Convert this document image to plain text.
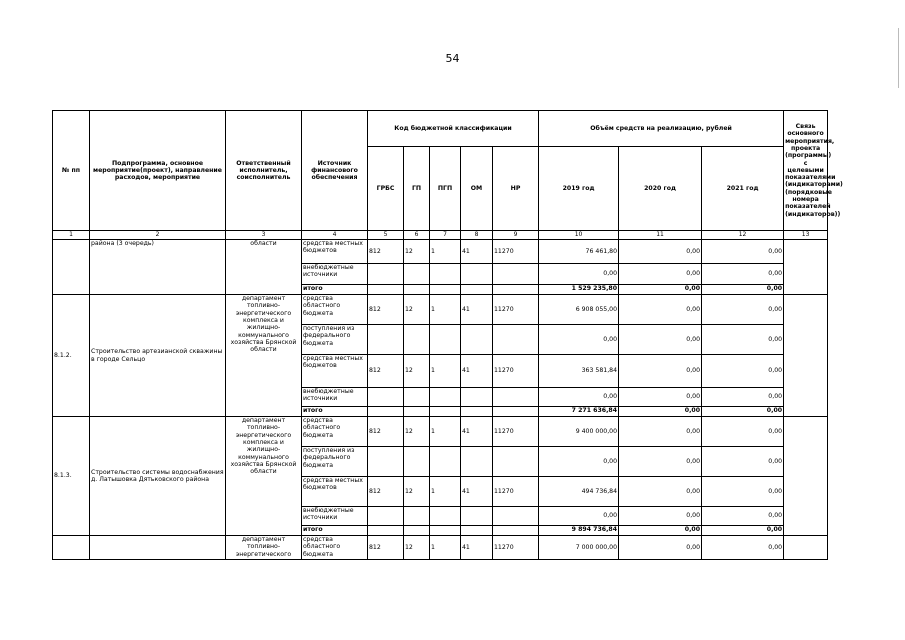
54
№ пп	Подпрограмма, основное мероприятие(проект), направление расходов, мероприятие	Ответственный исполнитель, соисполнитель	Источник финансового обеспечения	Код бюджетной классификации					Объём средств на реализацию, рублей			Связь основного мероприятия, проекта (программы) с целевыми показателями (индикаторами) (порядковые номера показателей (индикаторов))
				ГРБС	ГП	ПГП	ОМ	НР	2019 год	2020 год	2021 год	
1	2	3	4	5	6	7	8	9	10	11	12	13
	района (3 очередь)	области	средства местных бюджетов	812	12	1	41	11270	76 461,80	0,00	0,00	
			внебюджетные источники						0,00	0,00	0,00	
			итого						1 529 235,80	0,00	0,00	
8.1.2.	Строительство артезианской скважины в городе Сельцо	департамент топливно-энергетического комплекса и жилищно-коммунального хозяйства Брянской области	средства областного бюджета	812	12	1	41	11270	6 908 055,00	0,00	0,00	
			поступления из федерального бюджета						0,00	0,00	0,00	
			средства местных бюджетов	812	12	1	41	11270	363 581,84	0,00	0,00	
			внебюджетные источники						0,00	0,00	0,00	
			итого						7 271 636,84	0,00	0,00	
8.1.3.	Строительство системы водоснабжения д. Латышовка Дятьковского района	департамент топливно-энергетического комплекса и жилищно-коммунального хозяйства Брянской области	средства областного бюджета	812	12	1	41	11270	9 400 000,00	0,00	0,00	
			поступления из федерального бюджета						0,00	0,00	0,00	
			средства местных бюджетов	812	12	1	41	11270	494 736,84	0,00	0,00	
			внебюджетные источники						0,00	0,00	0,00	
			итого						9 894 736,84	0,00	0,00	
		департамент топливно-энергетического	средства областного бюджета	812	12	1	41	11270	7 000 000,00	0,00	0,00	
